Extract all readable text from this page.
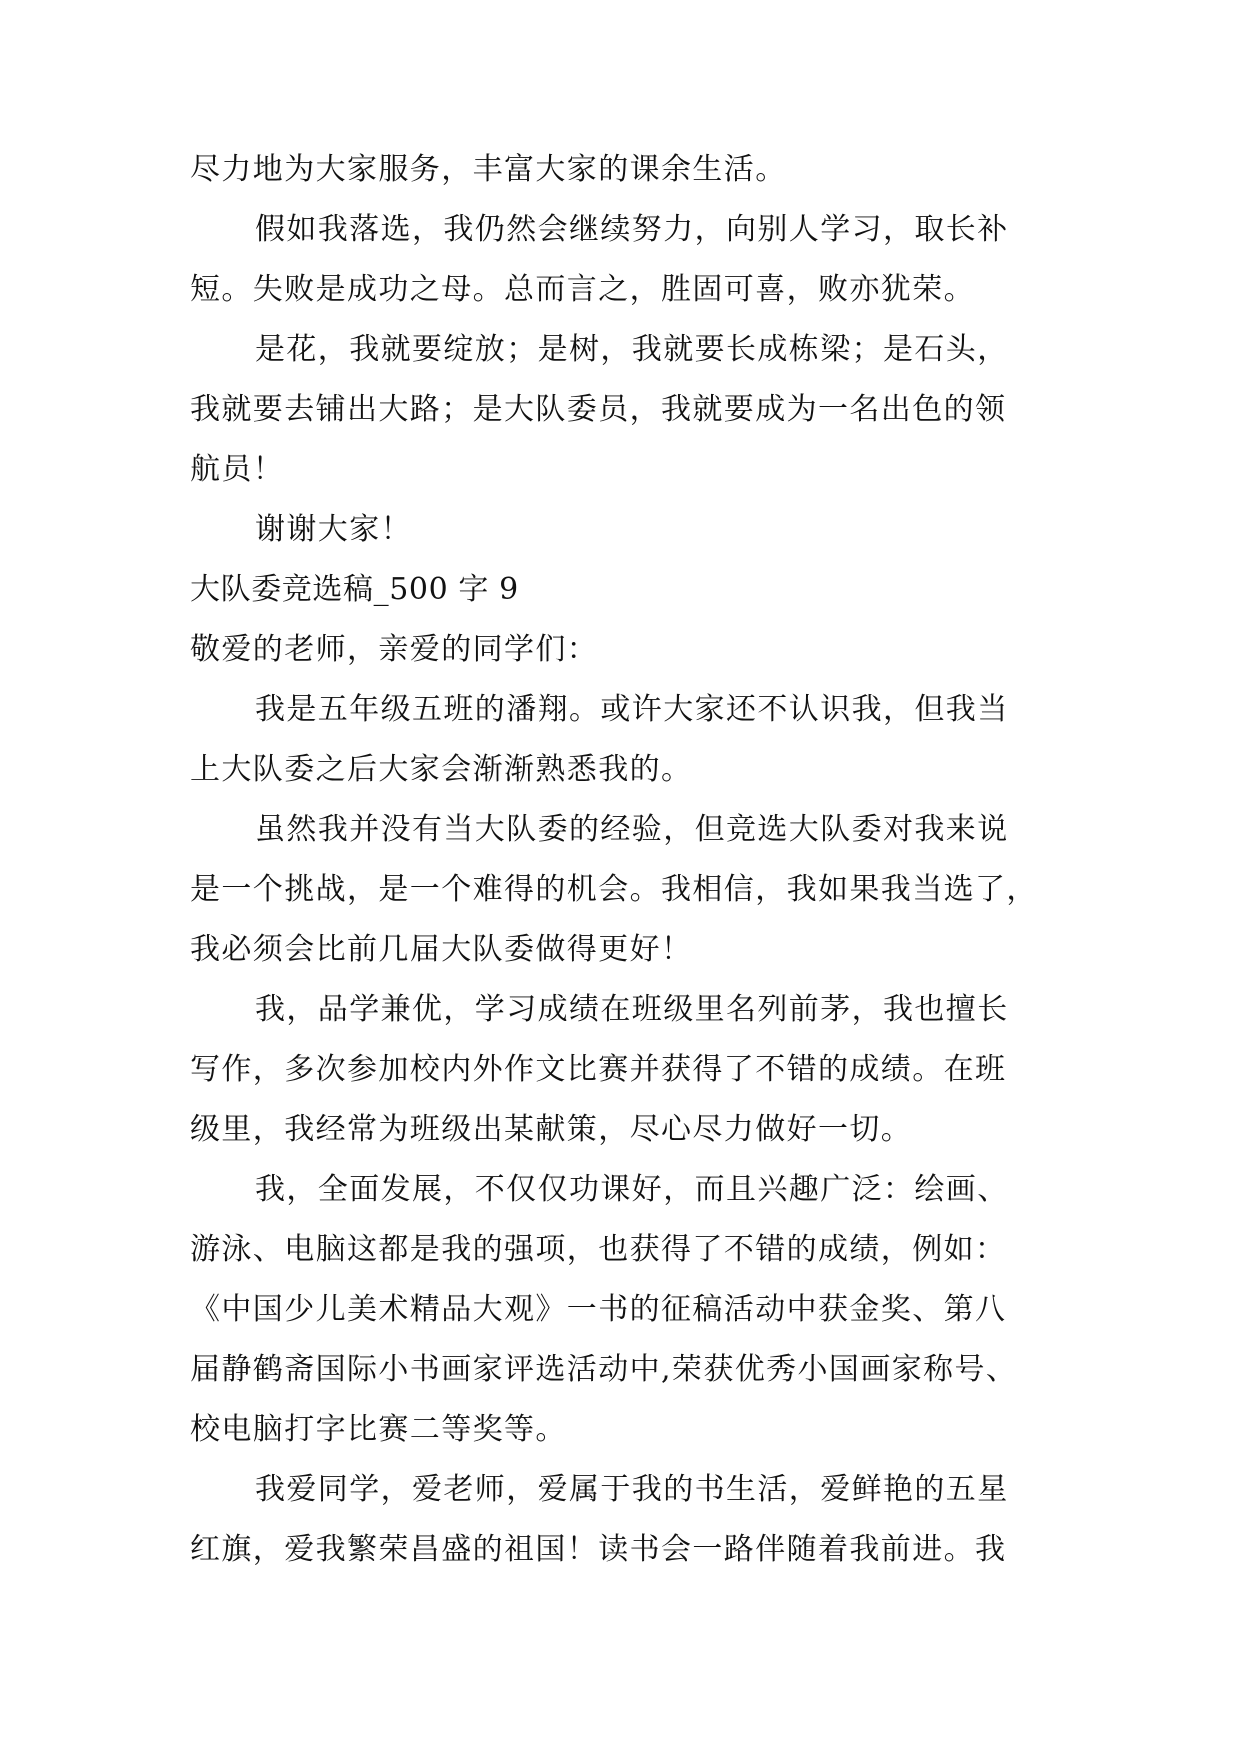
尽力地为大家服务，丰富大家的课余生活。
假如我落选，我仍然会继续努力，向别人学习，取长补
短。失败是成功之母。总而言之，胜固可喜，败亦犹荣。
是花，我就要绽放；是树，我就要长成栋梁；是石头，
我就要去铺出大路；是大队委员，我就要成为一名出色的领
航员！
谢谢大家！
大队委竞选稿_500 字 9
敬爱的老师，亲爱的同学们：
我是五年级五班的潘翔。或许大家还不认识我，但我当
上大队委之后大家会渐渐熟悉我的。
虽然我并没有当大队委的经验，但竞选大队委对我来说
是一个挑战，是一个难得的机会。我相信，我如果我当选了，
我必须会比前几届大队委做得更好！
我，品学兼优，学习成绩在班级里名列前茅，我也擅长
写作，多次参加校内外作文比赛并获得了不错的成绩。在班
级里，我经常为班级出某献策，尽心尽力做好一切。
我，全面发展，不仅仅功课好，而且兴趣广泛：绘画、
游泳、电脑这都是我的强项，也获得了不错的成绩，例如：
《中国少儿美术精品大观》一书的征稿活动中获金奖、第八
届静鹤斋国际小书画家评选活动中,荣获优秀小国画家称号、
校电脑打字比赛二等奖等。
我爱同学，爱老师，爱属于我的书生活，爱鲜艳的五星
红旗，爱我繁荣昌盛的祖国！读书会一路伴随着我前进。我
